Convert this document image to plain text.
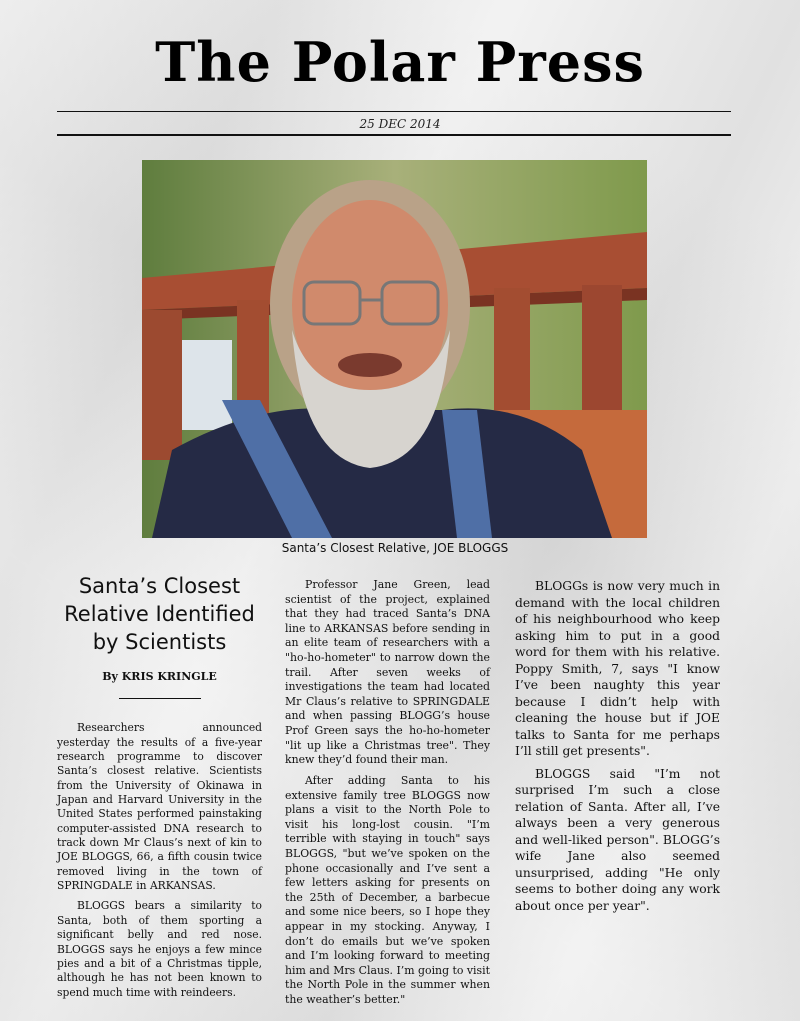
The Polar Press
25 DEC 2014
Santa’s Closest Relative, JOE BLOGGS
Santa’s Closest Relative Identified by Scientists
By KRIS KRINGLE

Researchers announced yesterday the results of a five-year research programme to discover Santa’s closest relative. Scientists from the University of Okinawa in Japan and Harvard University in the United States performed painstaking computer-assisted DNA research to track down Mr Claus’s next of kin to JOE BLOGGS, 66, a fifth cousin twice removed living in the town of SPRINGDALE in ARKANSAS.

BLOGGS bears a similarity to Santa, both of them sporting a significant belly and red nose. BLOGGS says he enjoys a few mince pies and a bit of a Christmas tipple, although he has not been known to spend much time with reindeers.

Professor Jane Green, lead scientist of the project, explained that they had traced Santa’s DNA line to ARKANSAS before sending in an elite team of researchers with a "ho-ho-hometer" to narrow down the trail. After seven weeks of investigations the team had located Mr Claus’s relative to SPRINGDALE and when passing BLOGG’s house Prof Green says the ho-ho-hometer "lit up like a Christmas tree". They knew they’d found their man.

After adding Santa to his extensive family tree BLOGGS now plans a visit to the North Pole to visit his long-lost cousin. "I’m terrible with staying in touch" says BLOGGS, "but we’ve spoken on the phone occasionally and I’ve sent a few letters asking for presents on the 25th of December, a barbecue and some nice beers, so I hope they appear in my stocking. Anyway, I don’t do emails but we’ve spoken and I’m looking forward to meeting him and Mrs Claus. I’m going to visit the North Pole in the summer when the weather’s better."

BLOGGs is now very much in demand with the local children of his neighbourhood who keep asking him to put in a good word for them with his relative. Poppy Smith, 7, says "I know I’ve been naughty this year because I didn’t help with cleaning the house but if JOE talks to Santa for me perhaps I’ll still get presents".

BLOGGS said "I’m not surprised I’m such a close relation of Santa. After all, I’ve always been a very generous and well-liked person". BLOGG’s wife Jane also seemed unsurprised, adding "He only seems to bother doing any work about once per year".
